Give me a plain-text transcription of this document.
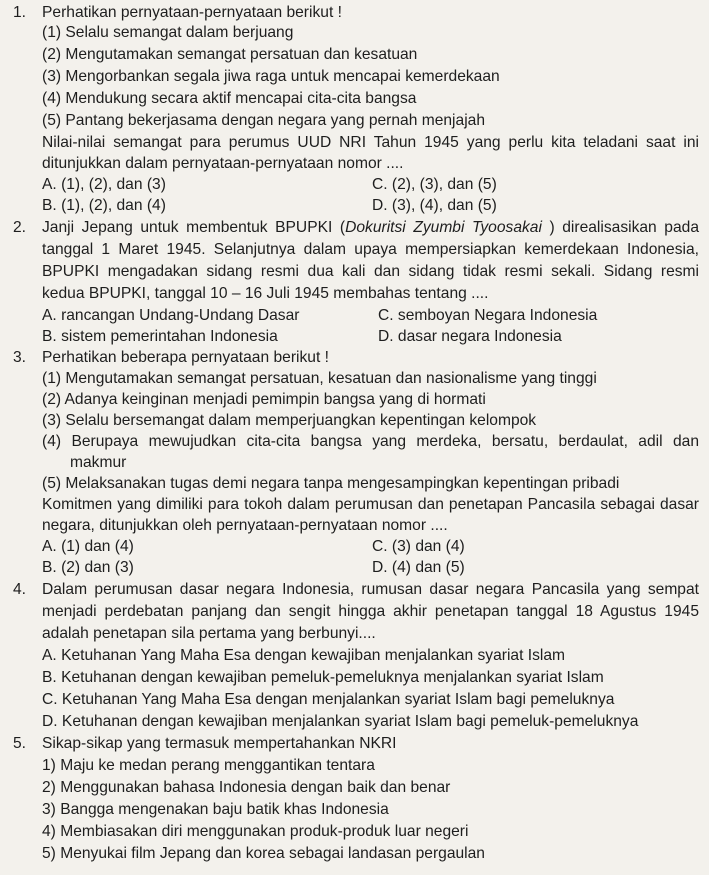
1. Perhatikan pernyataan-pernyataan berikut !
(1) Selalu semangat dalam berjuang
(2) Mengutamakan semangat persatuan dan kesatuan
(3) Mengorbankan segala jiwa raga untuk mencapai kemerdekaan
(4) Mendukung secara aktif mencapai cita-cita bangsa
(5) Pantang bekerjasama dengan negara yang pernah menjajah
Nilai-nilai semangat para perumus UUD NRI Tahun 1945 yang perlu kita teladani saat ini
ditunjukkan dalam pernyataan-pernyataan nomor ....
A. (1), (2), dan (3)	C. (2), (3), dan (5)
B. (1), (2), dan (4)	D. (3), (4), dan (5)
2. Janji Jepang untuk membentuk BPUPKI (Dokuritsi Zyumbi Tyoosakai ) direalisasikan pada
tanggal 1 Maret 1945. Selanjutnya dalam upaya mempersiapkan kemerdekaan Indonesia,
BPUPKI mengadakan sidang resmi dua kali dan sidang tidak resmi sekali. Sidang resmi
kedua BPUPKI, tanggal 10 – 16 Juli 1945 membahas tentang ....
A. rancangan Undang-Undang Dasar	C. semboyan Negara Indonesia
B. sistem pemerintahan Indonesia	D. dasar negara Indonesia
3. Perhatikan beberapa pernyataan berikut !
(1) Mengutamakan semangat persatuan, kesatuan dan nasionalisme yang tinggi
(2) Adanya keinginan menjadi pemimpin bangsa yang di hormati
(3) Selalu bersemangat dalam memperjuangkan kepentingan kelompok
(4) Berupaya mewujudkan cita-cita bangsa yang merdeka, bersatu, berdaulat, adil dan
makmur
(5) Melaksanakan tugas demi negara tanpa mengesampingkan kepentingan pribadi
Komitmen yang dimiliki para tokoh dalam perumusan dan penetapan Pancasila sebagai dasar
negara, ditunjukkan oleh pernyataan-pernyataan nomor ....
A. (1) dan (4)	C. (3) dan (4)
B. (2) dan (3)	D. (4) dan (5)
4. Dalam perumusan dasar negara Indonesia, rumusan dasar negara Pancasila yang sempat
menjadi perdebatan panjang dan sengit hingga akhir penetapan tanggal 18 Agustus 1945
adalah penetapan sila pertama yang berbunyi....
A. Ketuhanan Yang Maha Esa dengan kewajiban menjalankan syariat Islam
B. Ketuhanan dengan kewajiban pemeluk-pemeluknya menjalankan syariat Islam
C. Ketuhanan Yang Maha Esa dengan menjalankan syariat Islam bagi pemeluknya
D. Ketuhanan dengan kewajiban menjalankan syariat Islam bagi pemeluk-pemeluknya
5. Sikap-sikap yang termasuk mempertahankan NKRI
1) Maju ke medan perang menggantikan tentara
2) Menggunakan bahasa Indonesia dengan baik dan benar
3) Bangga mengenakan baju batik khas Indonesia
4) Membiasakan diri menggunakan produk-produk luar negeri
5) Menyukai film Jepang dan korea sebagai landasan pergaulan
